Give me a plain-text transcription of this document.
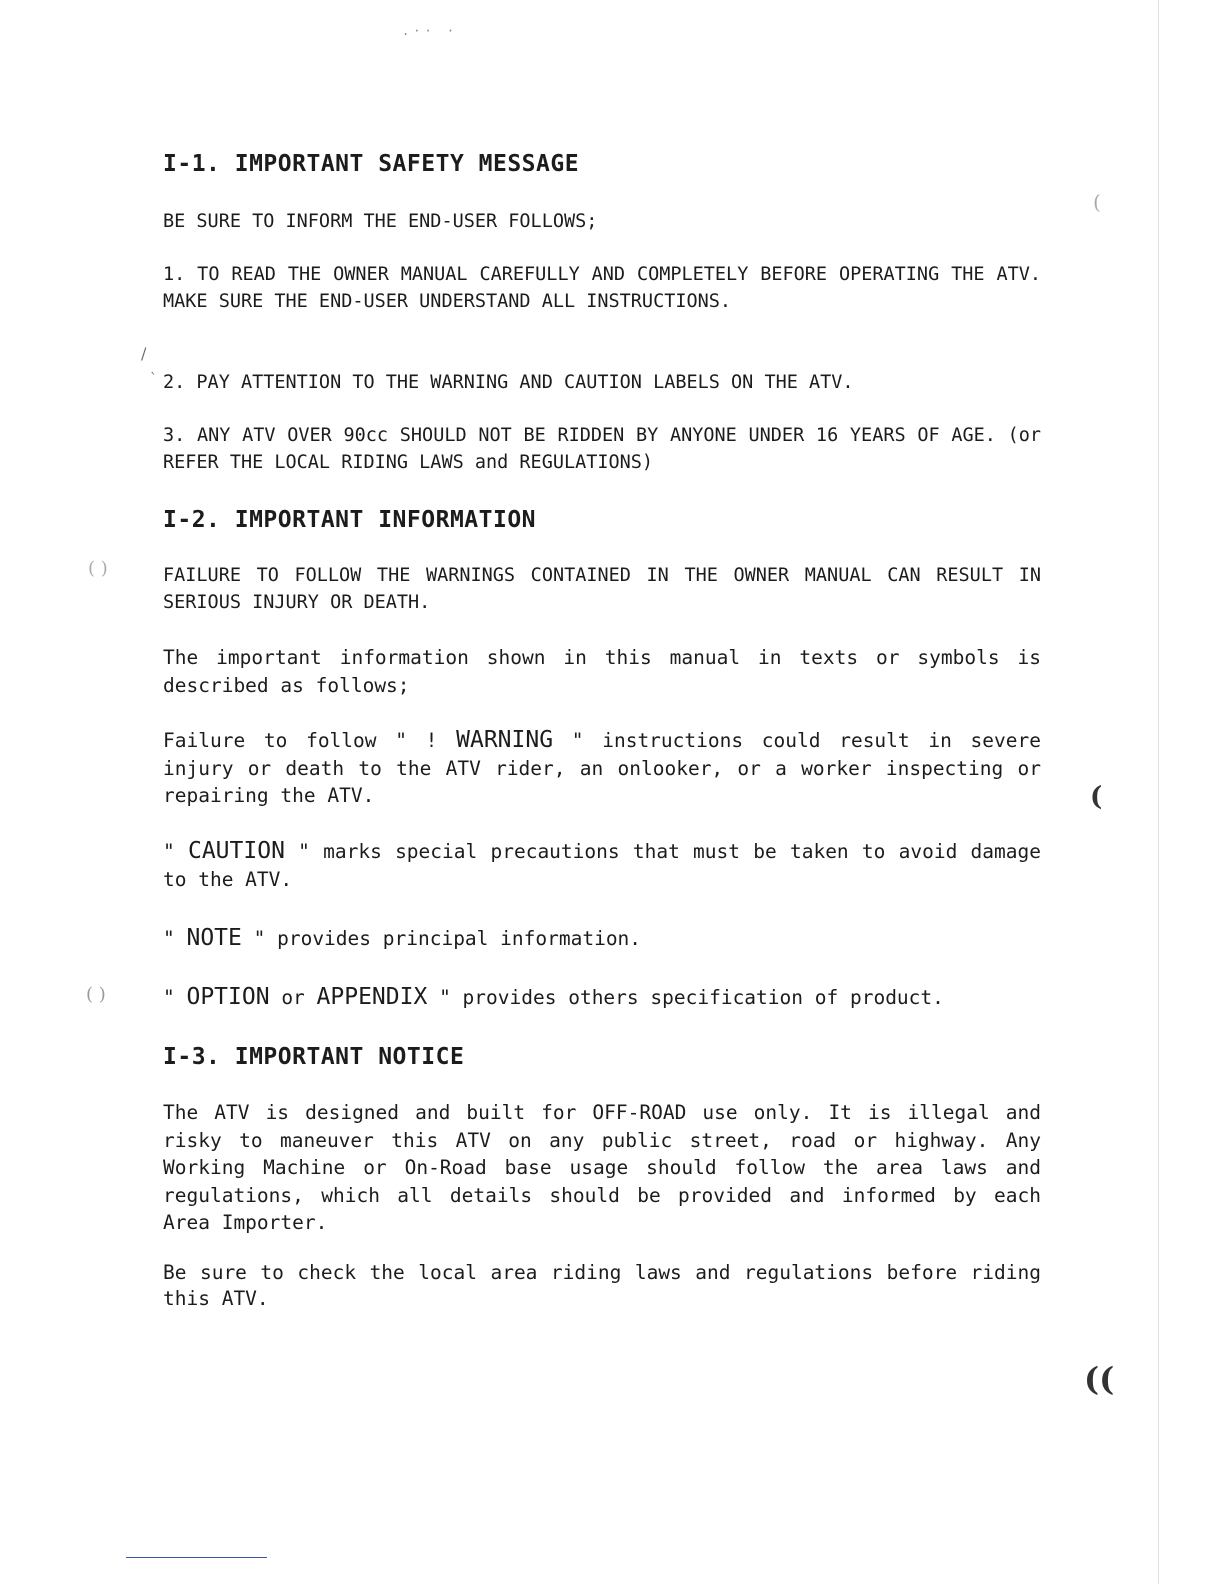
.·· ·
I-1. IMPORTANT SAFETY MESSAGE

BE SURE TO INFORM THE END-USER FOLLOWS;

1. TO READ THE OWNER MANUAL CAREFULLY AND COMPLETELY BEFORE OPERATING THE ATV. MAKE SURE THE END-USER UNDERSTAND ALL INSTRUCTIONS.

2. PAY ATTENTION TO THE WARNING AND CAUTION LABELS ON THE ATV.

3. ANY ATV OVER 90cc SHOULD NOT BE RIDDEN BY ANYONE UNDER 16 YEARS OF AGE. (or REFER THE LOCAL RIDING LAWS and REGULATIONS)

I-2. IMPORTANT INFORMATION

FAILURE TO FOLLOW THE WARNINGS CONTAINED IN THE OWNER MANUAL CAN RESULT IN SERIOUS INJURY OR DEATH.

The important information shown in this manual in texts or symbols is described as follows;

Failure to follow " ! WARNING " instructions could result in severe injury or death to the ATV rider, an onlooker, or a worker inspecting or repairing the ATV.

" CAUTION " marks special precautions that must be taken to avoid damage to the ATV.

" NOTE " provides principal information.

" OPTION or APPENDIX " provides others specification of product.

I-3. IMPORTANT NOTICE

The ATV is designed and built for OFF-ROAD use only. It is illegal and risky to maneuver this ATV on any public street, road or highway. Any Working Machine or On-Road base usage should follow the area laws and regulations, which all details should be provided and informed by each Area Importer.

Be sure to check the local area riding laws and regulations before riding this ATV.

/
`
( )
( )
(
(
((
